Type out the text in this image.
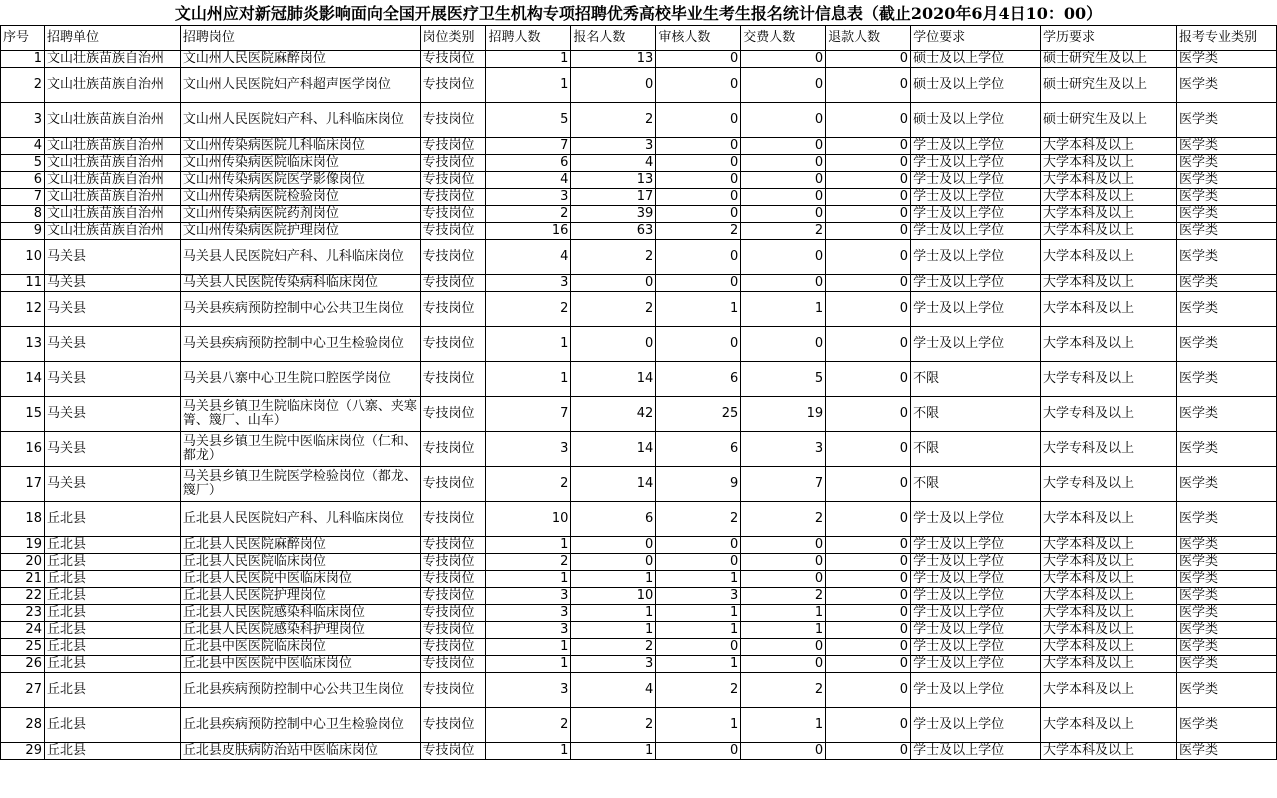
文山州应对新冠肺炎影响面向全国开展医疗卫生机构专项招聘优秀高校毕业生考生报名统计信息表（截止2020年6月4日10：00）
序号	招聘单位	招聘岗位	岗位类别	招聘人数	报名人数	审核人数	交费人数	退款人数	学位要求	学历要求	报考专业类别
1	文山壮族苗族自治州	文山州人民医院麻醉岗位	专技岗位	1	13	0	0	0	硕士及以上学位	硕士研究生及以上	医学类
2	文山壮族苗族自治州	文山州人民医院妇产科超声医学岗位	专技岗位	1	0	0	0	0	硕士及以上学位	硕士研究生及以上	医学类
3	文山壮族苗族自治州	文山州人民医院妇产科、儿科临床岗位	专技岗位	5	2	0	0	0	硕士及以上学位	硕士研究生及以上	医学类
4	文山壮族苗族自治州	文山州传染病医院儿科临床岗位	专技岗位	7	3	0	0	0	学士及以上学位	大学本科及以上	医学类
5	文山壮族苗族自治州	文山州传染病医院临床岗位	专技岗位	6	4	0	0	0	学士及以上学位	大学本科及以上	医学类
6	文山壮族苗族自治州	文山州传染病医院医学影像岗位	专技岗位	4	13	0	0	0	学士及以上学位	大学本科及以上	医学类
7	文山壮族苗族自治州	文山州传染病医院检验岗位	专技岗位	3	17	0	0	0	学士及以上学位	大学本科及以上	医学类
8	文山壮族苗族自治州	文山州传染病医院药剂岗位	专技岗位	2	39	0	0	0	学士及以上学位	大学本科及以上	医学类
9	文山壮族苗族自治州	文山州传染病医院护理岗位	专技岗位	16	63	2	2	0	学士及以上学位	大学本科及以上	医学类
10	马关县	马关县人民医院妇产科、儿科临床岗位	专技岗位	4	2	0	0	0	学士及以上学位	大学本科及以上	医学类
11	马关县	马关县人民医院传染病科临床岗位	专技岗位	3	0	0	0	0	学士及以上学位	大学本科及以上	医学类
12	马关县	马关县疾病预防控制中心公共卫生岗位	专技岗位	2	2	1	1	0	学士及以上学位	大学本科及以上	医学类
13	马关县	马关县疾病预防控制中心卫生检验岗位	专技岗位	1	0	0	0	0	学士及以上学位	大学本科及以上	医学类
14	马关县	马关县八寨中心卫生院口腔医学岗位	专技岗位	1	14	6	5	0	不限	大学专科及以上	医学类
15	马关县	马关县乡镇卫生院临床岗位（八寨、夹寒箐、篾厂、山车）	专技岗位	7	42	25	19	0	不限	大学专科及以上	医学类
16	马关县	马关县乡镇卫生院中医临床岗位（仁和、都龙）	专技岗位	3	14	6	3	0	不限	大学专科及以上	医学类
17	马关县	马关县乡镇卫生院医学检验岗位（都龙、篾厂）	专技岗位	2	14	9	7	0	不限	大学专科及以上	医学类
18	丘北县	丘北县人民医院妇产科、儿科临床岗位	专技岗位	10	6	2	2	0	学士及以上学位	大学本科及以上	医学类
19	丘北县	丘北县人民医院麻醉岗位	专技岗位	1	0	0	0	0	学士及以上学位	大学本科及以上	医学类
20	丘北县	丘北县人民医院临床岗位	专技岗位	2	0	0	0	0	学士及以上学位	大学本科及以上	医学类
21	丘北县	丘北县人民医院中医临床岗位	专技岗位	1	1	1	0	0	学士及以上学位	大学本科及以上	医学类
22	丘北县	丘北县人民医院护理岗位	专技岗位	3	10	3	2	0	学士及以上学位	大学本科及以上	医学类
23	丘北县	丘北县人民医院感染科临床岗位	专技岗位	3	1	1	1	0	学士及以上学位	大学本科及以上	医学类
24	丘北县	丘北县人民医院感染科护理岗位	专技岗位	3	1	1	1	0	学士及以上学位	大学本科及以上	医学类
25	丘北县	丘北县中医医院临床岗位	专技岗位	1	2	0	0	0	学士及以上学位	大学本科及以上	医学类
26	丘北县	丘北县中医医院中医临床岗位	专技岗位	1	3	1	0	0	学士及以上学位	大学本科及以上	医学类
27	丘北县	丘北县疾病预防控制中心公共卫生岗位	专技岗位	3	4	2	2	0	学士及以上学位	大学本科及以上	医学类
28	丘北县	丘北县疾病预防控制中心卫生检验岗位	专技岗位	2	2	1	1	0	学士及以上学位	大学本科及以上	医学类
29	丘北县	丘北县皮肤病防治站中医临床岗位	专技岗位	1	1	0	0	0	学士及以上学位	大学本科及以上	医学类
